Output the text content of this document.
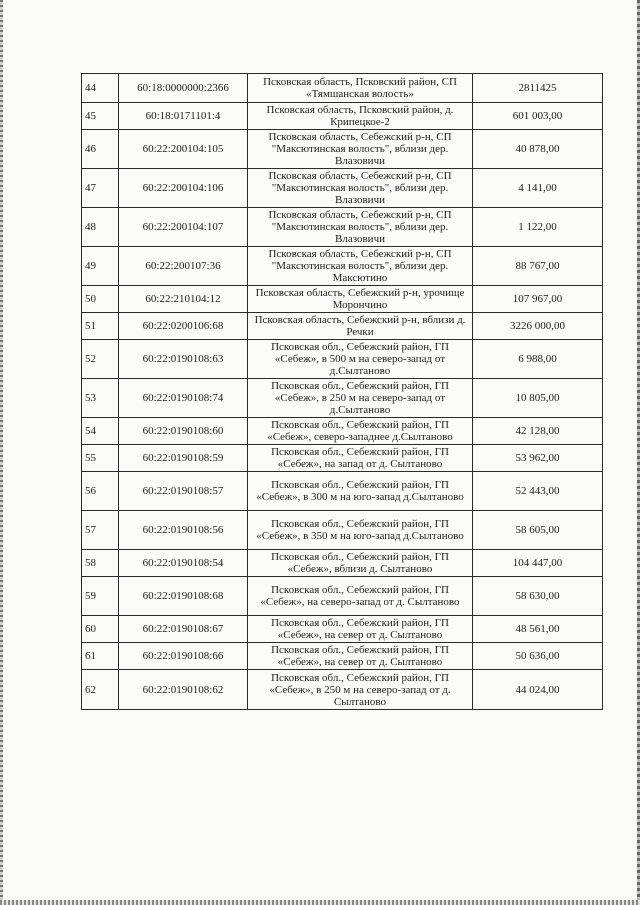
44	60:18:0000000:2366	Псковская область, Псковский район, СП «Тямшанская волость»	2811425
45	60:18:0171101:4	Псковская область, Псковский район, д. Крипецкое-2	601 003,00
46	60:22:200104:105	Псковская область, Себежский р-н, СП "Максютинская волость", вблизи дер. Влазовичи	40 878,00
47	60:22:200104:106	Псковская область, Себежский р-н, СП "Максютинская волость", вблизи дер. Влазовичи	4 141,00
48	60:22:200104:107	Псковская область, Себежский р-н, СП "Максютинская волость", вблизи дер. Влазовичи	1 122,00
49	60:22:200107:36	Псковская область, Себежский р-н, СП "Максютинская волость", вблизи дер. Максютино	88 767,00
50	60:22:210104:12	Псковская область, Себежский р-н, урочище Морончино	107 967,00
51	60:22:0200106:68	Псковская область, Себежский р-н, вблизи д. Речки	3226 000,00
52	60:22:0190108:63	Псковская обл., Себежский район, ГП «Себеж», в 500 м на северо-запад от д.Сылтаново	6 988,00
53	60:22:0190108:74	Псковская обл., Себежский район, ГП «Себеж», в 250 м на северо-запад от д.Сылтаново	10 805,00
54	60:22:0190108:60	Псковская обл., Себежский район, ГП «Себеж», северо-западнее д.Сылтаново	42 128,00
55	60:22:0190108:59	Псковская обл., Себежский район, ГП «Себеж», на запад от д. Сылтаново	53 962,00
56	60:22:0190108:57	Псковская обл., Себежский район, ГП «Себеж», в 300 м на юго-запад д.Сылтаново	52 443,00
57	60:22:0190108:56	Псковская обл., Себежский район, ГП «Себеж», в 350 м на юго-запад д.Сылтаново	58 605,00
58	60:22:0190108:54	Псковская обл., Себежский район, ГП «Себеж», вблизи д. Сылтаново	104 447,00
59	60:22:0190108:68	Псковская обл., Себежский район, ГП «Себеж», на северо-запад от д. Сылтаново	58 630,00
60	60:22:0190108:67	Псковская обл., Себежский район, ГП «Себеж», на север от д. Сылтаново	48 561,00
61	60:22:0190108:66	Псковская обл., Себежский район, ГП «Себеж», на север от д. Сылтаново	50 636,00
62	60:22:0190108:62	Псковская обл., Себежский район, ГП «Себеж», в 250 м на северо-запад от д. Сылтаново	44 024,00
